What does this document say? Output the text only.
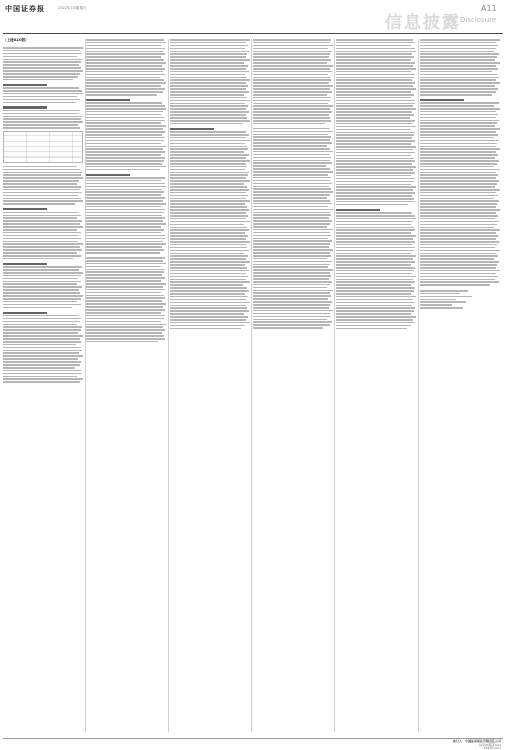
中国证券报	2022年10月
星期日
信息披露
A11
Disclosure
（上接A10版）
执行人：中国证券报社有限责任公司
信息披露部 A11
2022年10月
